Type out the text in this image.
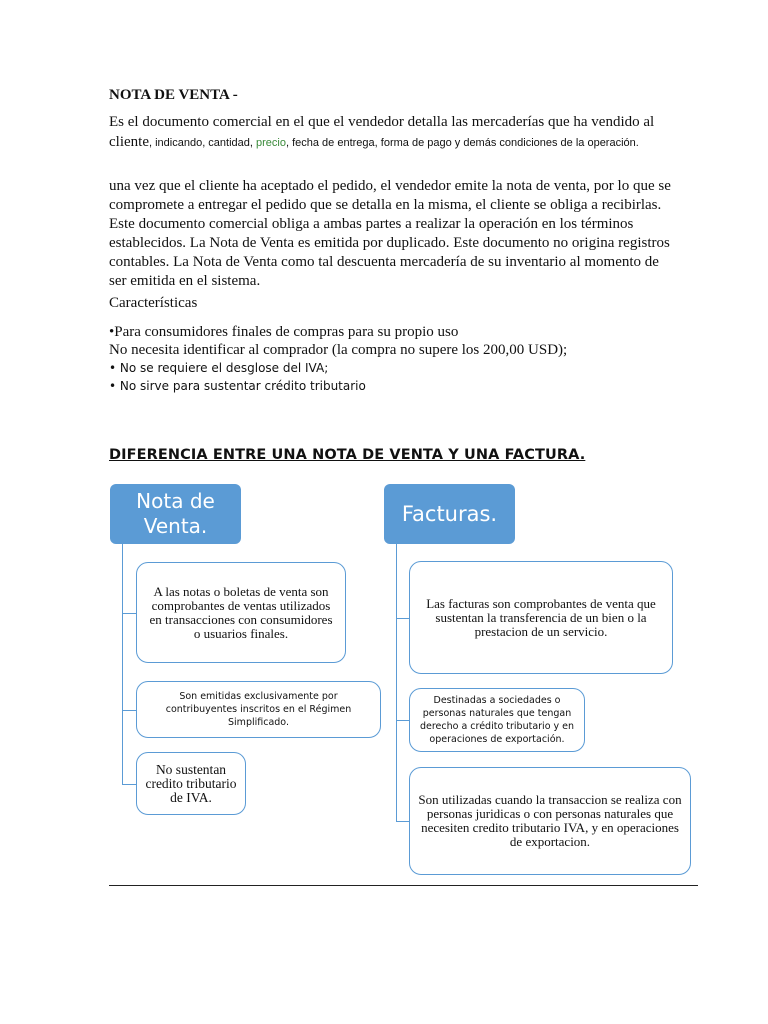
NOTA DE VENTA -
Es el documento comercial en el que el vendedor detalla las mercaderías que ha vendido al cliente, indicando, cantidad, precio, fecha de entrega, forma de pago y demás condiciones de la operación.
una vez que el cliente ha aceptado el pedido, el vendedor emite la nota de venta, por lo que se compromete a entregar el pedido que se detalla en la misma, el cliente se obliga a recibirlas. Este documento comercial obliga a ambas partes a realizar la operación en los términos establecidos. La Nota de Venta es emitida por duplicado. Este documento no origina registros contables. La Nota de Venta como tal descuenta mercadería de su inventario al momento de ser emitida en el sistema.
Características
•Para consumidores finales de compras para su propio uso
No necesita identificar al comprador (la compra no supere los 200,00 USD);
• No se requiere el desglose del IVA;
• No sirve para sustentar crédito tributario
DIFERENCIA ENTRE UNA NOTA DE VENTA Y UNA FACTURA.
Nota de
Venta.	Facturas.
A las notas o boletas de venta son comprobantes de ventas utilizados en transacciones con consumidores o usuarios finales.
Son emitidas exclusivamente por contribuyentes inscritos en el Régimen Simplificado.
No sustentan credito tributario de IVA.
Las facturas son comprobantes de venta que sustentan la transferencia de un bien o la prestacion de un servicio.
Destinadas a sociedades o personas naturales que tengan derecho a crédito tributario y en operaciones de exportación.
Son utilizadas cuando la transaccion se realiza con personas juridicas o con personas naturales que necesiten credito tributario IVA, y en operaciones de exportacion.
